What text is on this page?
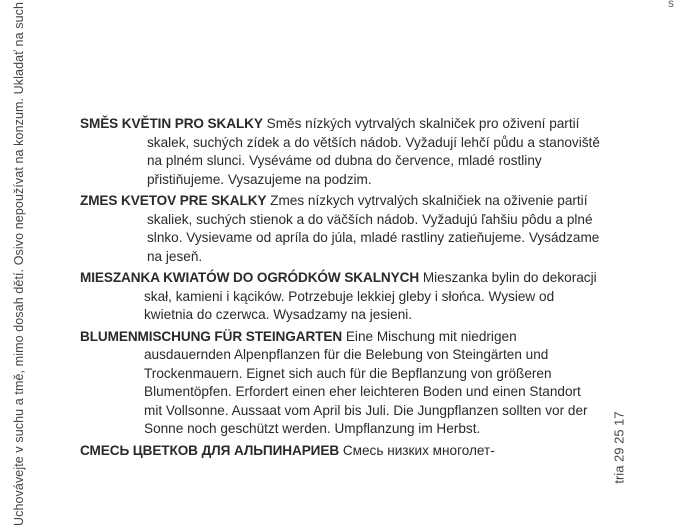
Uchovávejte v suchu a tmě, mimo dosah dětí. Osivo nepoužívat na konzum. Ukladať na such	s
tria 29 25 17

SMĚS KVĚTIN PRO SKALKY Směs nízkých vytrvalých skalniček pro oživení partií skalek, suchých zídek a do větších nádob. Vyžadují lehčí půdu a stanoviště na plném slunci. Vyséváme od dubna do července, mladé rostliny přistiňujeme. Vysazujeme na podzim.

ZMES KVETOV PRE SKALKY Zmes nízkych vytrvalých skalničiek na oživenie partií skaliek, suchých stienok a do väčších nádob. Vyžadujú ľahšiu pôdu a plné slnko. Vysievame od apríla do júla, mladé rastliny zatieňujeme. Vysádzame na jeseň.

MIESZANKA KWIATÓW DO OGRÓDKÓW SKALNYCH Mieszanka bylin do dekoracji skał, kamieni i kącików. Potrzebuje lekkiej gleby i słońca. Wysiew od kwietnia do czerwca. Wysadzamy na jesieni.

BLUMENMISCHUNG FÜR STEINGARTEN Eine Mischung mit niedrigen ausdauernden Alpenpflanzen für die Belebung von Steingärten und Trockenmauern. Eignet sich auch für die Bepflanzung von größeren Blumentöpfen. Erfordert einen eher leichteren Boden und einen Standort mit Vollsonne. Aussaat vom April bis Juli. Die Jungpflanzen sollten vor der Sonne noch geschützt werden. Umpflanzung im Herbst.

СМЕСЬ ЦВЕТКОВ ДЛЯ АЛЬПИНАРИЕВ Смесь низких многолет-
